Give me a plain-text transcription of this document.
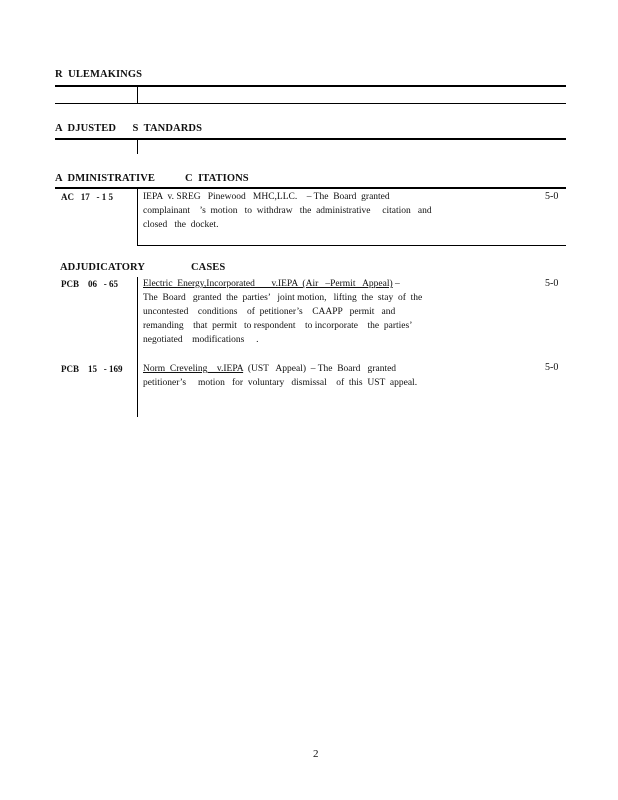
R  ULEMAKINGS
A  DJUSTED      S  TANDARDS
A  DMINISTRATIVE           C  ITATIONS
AC   17   - 1 5	IEPA  v. SREG   Pinewood   MHC,LLC.    – The  Board  granted
complainant    ’s  motion   to  withdraw   the  administrative     citation   and
closed   the  docket.
5-0
ADJUDICATORY                 CASES
PCB    06   - 65	Electric  Energy,Incorporated       v.IEPA  (Air   –Permit   Appeal) –
The  Board   granted  the  parties’   joint motion,   lifting  the  stay  of  the
uncontested    conditions    of  petitioner’s    CAAPP   permit   and
remanding    that  permit   to respondent    to incorporate    the  parties’
negotiated    modifications     .
5-0
PCB    15   - 169 Norm  Creveling    v.IEPA  (UST   Appeal)  – The  Board   granted
petitioner’s     motion   for  voluntary   dismissal    of  this  UST  appeal.
5-0
2
